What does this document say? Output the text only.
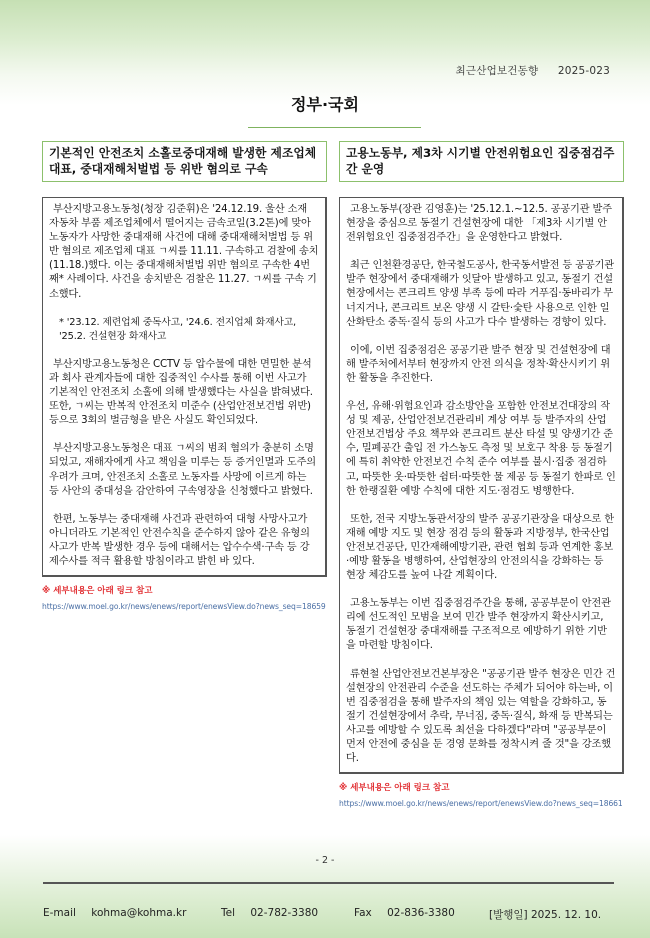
최근산업보건동향 2025-023
정부·국회
기본적인 안전조치 소홀로중대재해 발생한 제조업체 대표, 중대재해처벌법 등 위반 혐의로 구속

부산지방고용노동청(청장 김준휘)은 '24.12.19. 울산 소재 자동차 부품 제조업체에서 떨어지는 금속코일(3.2톤)에 맞아 노동자가 사망한 중대재해 사건에 대해 중대재해처벌법 등 위반 혐의로 제조업체 대표 ㄱ씨를 11.11. 구속하고 검찰에 송치(11.18.)했다. 이는 중대재해처벌법 위반 혐의로 구속한 4번째* 사례이다. 사건을 송치받은 검찰은 11.27. ㄱ씨를 구속 기소했다.

* '23.12. 제련업체 중독사고, '24.6. 전지업체 화재사고, '25.2. 건설현장 화재사고

부산지방고용노동청은 CCTV 등 압수물에 대한 면밀한 분석과 회사 관계자들에 대한 집중적인 수사를 통해 이번 사고가 기본적인 안전조치 소홀에 의해 발생했다는 사실을 밝혀냈다. 또한, ㄱ씨는 반복적 안전조치 미준수 (산업안전보건법 위반) 등으로 3회의 벌금형을 받은 사실도 확인되었다.

부산지방고용노동청은 대표 ㄱ씨의 범죄 혐의가 충분히 소명되었고, 재해자에게 사고 책임을 미루는 등 증거인멸과 도주의 우려가 크며, 안전조치 소홀로 노동자를 사망에 이르게 하는 등 사안의 중대성을 감안하여 구속영장을 신청했다고 밝혔다.

한편, 노동부는 중대재해 사건과 관련하여 대형 사망사고가 아니더라도 기본적인 안전수칙을 준수하지 않아 같은 유형의 사고가 반복 발생한 경우 등에 대해서는 압수수색·구속 등 강제수사를 적극 활용할 방침이라고 밝힌 바 있다.

※ 세부내용은 아래 링크 참고
https://www.moel.go.kr/news/enews/report/enewsView.do?news_seq=18659
고용노동부, 제3차 시기별 안전위험요인 집중점검주간 운영

고용노동부(장관 김영훈)는 '25.12.1.~12.5. 공공기관 발주 현장을 중심으로 동절기 건설현장에 대한 「제3차 시기별 안전위험요인 집중점검주간」을 운영한다고 밝혔다.

최근 인천환경공단, 한국철도공사, 한국동서발전 등 공공기관 발주 현장에서 중대재해가 잇달아 발생하고 있고, 동절기 건설현장에서는 콘크리트 양생 부족 등에 따라 거푸집·동바리가 무너지거나, 콘크리트 보온 양생 시 갈탄·숯탄 사용으로 인한 일산화탄소 중독·질식 등의 사고가 다수 발생하는 경향이 있다.

이에, 이번 집중점검은 공공기관 발주 현장 및 건설현장에 대해 발주처에서부터 현장까지 안전 의식을 정착·확산시키기 위한 활동을 추진한다.

우선, 유해·위험요인과 감소방안을 포함한 안전보건대장의 작성 및 제공, 산업안전보건관리비 계상 여부 등 발주자의 산업안전보건법상 주요 책무와 콘크리트 분산 타설 및 양생기간 준수, 밀폐공간 출입 전 가스농도 측정 및 보호구 착용 등 동절기에 특히 취약한 안전보건 수칙 준수 여부를 불시·집중 점검하고, 따뜻한 옷·따뜻한 쉼터·따뜻한 물 제공 등 동절기 한파로 인한 한랭질환 예방 수칙에 대한 지도·점검도 병행한다.

또한, 전국 지방노동관서장의 발주 공공기관장을 대상으로 한 재해 예방 지도 및 현장 점검 등의 활동과 지방정부, 한국산업안전보건공단, 민간재해예방기관, 관련 협회 등과 연계한 홍보·예방 활동을 병행하여, 산업현장의 안전의식을 강화하는 등 현장 체감도를 높여 나갈 계획이다.

고용노동부는 이번 집중점검주간을 통해, 공공부문이 안전관리에 선도적인 모범을 보여 민간 발주 현장까지 확산시키고, 동절기 건설현장 중대재해를 구조적으로 예방하기 위한 기반을 마련할 방침이다.

류현철 산업안전보건본부장은 "공공기관 발주 현장은 민간 건설현장의 안전관리 수준을 선도하는 주체가 되어야 하는바, 이번 집중점검을 통해 발주자의 책임 있는 역할을 강화하고, 동절기 건설현장에서 추락, 무너짐, 중독·질식, 화재 등 반복되는 사고를 예방할 수 있도록 최선을 다하겠다"라며 "공공부문이 먼저 안전에 중심을 둔 경영 문화를 정착시켜 줄 것"을 강조했다.

※ 세부내용은 아래 링크 참고
https://www.moel.go.kr/news/enews/report/enewsView.do?news_seq=18661
- 2 -
E-mail kohma@kohma.kr	Tel 02-782-3380	Fax 02-836-3380	[발행일] 2025. 12. 10.
